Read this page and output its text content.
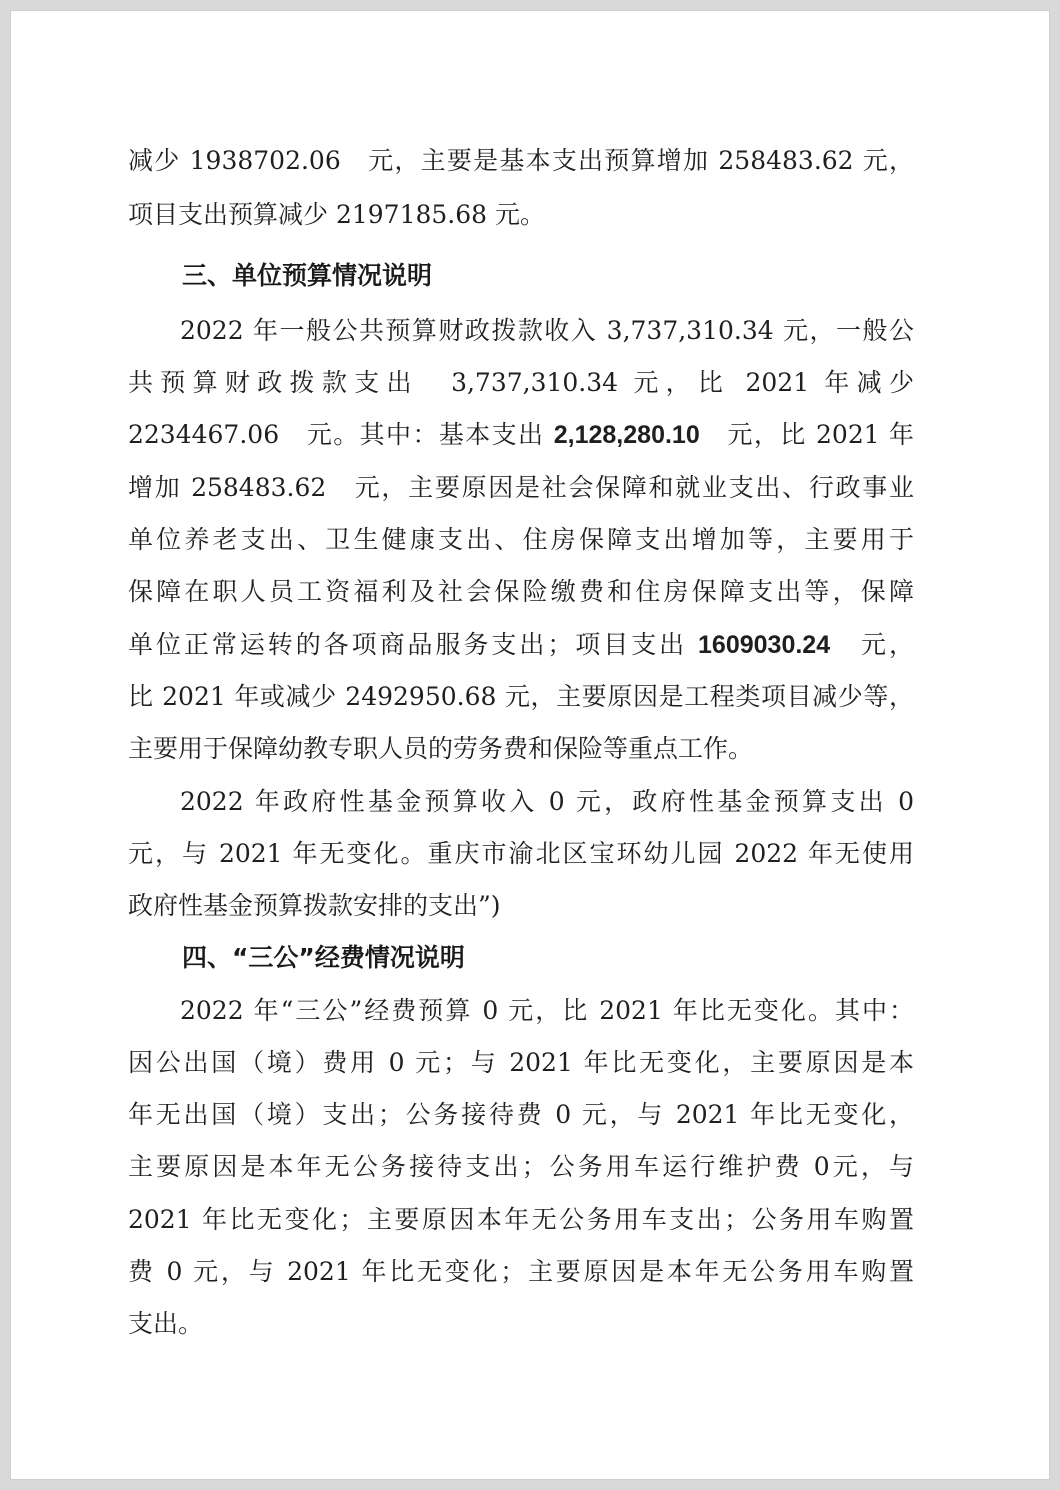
减少 1938702.06　元，主要是基本支出预算增加 258483.62 元，
项目支出预算减少 2197185.68 元。
三、单位预算情况说明
2022 年一般公共预算财政拨款收入 3,737,310.34 元，一般公
共预算财政拨款支出　3,737,310.34 元，比 2021 年减少
2234467.06　元。其中：基本支出 2,128,280.10　元，比 2021 年
增加 258483.62　元，主要原因是社会保障和就业支出、行政事业
单位养老支出、卫生健康支出、住房保障支出增加等，主要用于
保障在职人员工资福利及社会保险缴费和住房保障支出等，保障
单位正常运转的各项商品服务支出；项目支出 1609030.24　元，
比 2021 年或减少 2492950.68 元，主要原因是工程类项目减少等，
主要用于保障幼教专职人员的劳务费和保险等重点工作。
2022 年政府性基金预算收入 0 元，政府性基金预算支出 0
元，与 2021 年无变化。重庆市渝北区宝环幼儿园 2022 年无使用
政府性基金预算拨款安排的支出”)
四、“三公”经费情况说明
2022 年“三公”经费预算 0 元，比 2021 年比无变化。其中：
因公出国（境）费用 0 元；与 2021 年比无变化，主要原因是本
年无出国（境）支出；公务接待费 0 元，与 2021 年比无变化，
主要原因是本年无公务接待支出；公务用车运行维护费 0元，与
2021 年比无变化；主要原因本年无公务用车支出；公务用车购置
费 0 元，与 2021 年比无变化；主要原因是本年无公务用车购置
支出。
